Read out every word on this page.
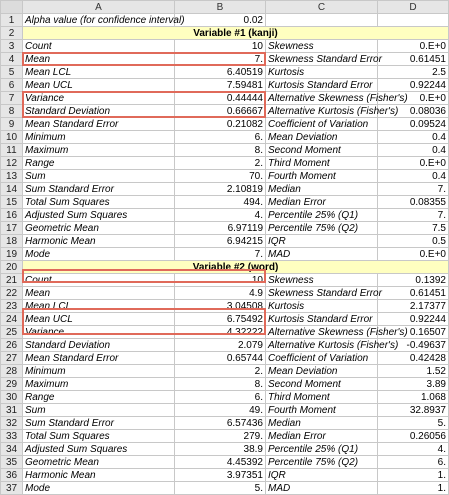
	A	B	C	D
1	Alpha value (for confidence interval)	0.02		
2	Variable #1 (kanji)			
3	Count	10	Skewness	0.E+0
4	Mean	7.	Skewness Standard Error	0.61451
5	Mean LCL	6.40519	Kurtosis	2.5
6	Mean UCL	7.59481	Kurtosis Standard Error	0.92244
7	Variance	0.44444	Alternative Skewness (Fisher's)	0.E+0
8	Standard Deviation	0.66667	Alternative Kurtosis (Fisher's)	0.08036
9	Mean Standard Error	0.21082	Coefficient of Variation	0.09524
10	Minimum	6.	Mean Deviation	0.4
11	Maximum	8.	Second Moment	0.4
12	Range	2.	Third Moment	0.E+0
13	Sum	70.	Fourth Moment	0.4
14	Sum Standard Error	2.10819	Median	7.
15	Total Sum Squares	494.	Median Error	0.08355
16	Adjusted Sum Squares	4.	Percentile 25% (Q1)	7.
17	Geometric Mean	6.97119	Percentile 75% (Q2)	7.5
18	Harmonic Mean	6.94215	IQR	0.5
19	Mode	7.	MAD	0.E+0
20	Variable #2 (word)			
21	Count	10	Skewness	0.1392
22	Mean	4.9	Skewness Standard Error	0.61451
23	Mean LCL	3.04508	Kurtosis	2.17377
24	Mean UCL	6.75492	Kurtosis Standard Error	0.92244
25	Variance	4.32222	Alternative Skewness (Fisher's)	0.16507
26	Standard Deviation	2.079	Alternative Kurtosis (Fisher's)	-0.49637
27	Mean Standard Error	0.65744	Coefficient of Variation	0.42428
28	Minimum	2.	Mean Deviation	1.52
29	Maximum	8.	Second Moment	3.89
30	Range	6.	Third Moment	1.068
31	Sum	49.	Fourth Moment	32.8937
32	Sum Standard Error	6.57436	Median	5.
33	Total Sum Squares	279.	Median Error	0.26056
34	Adjusted Sum Squares	38.9	Percentile 25% (Q1)	4.
35	Geometric Mean	4.45392	Percentile 75% (Q2)	6.
36	Harmonic Mean	3.97351	IQR	1.
37	Mode	5.	MAD	1.
